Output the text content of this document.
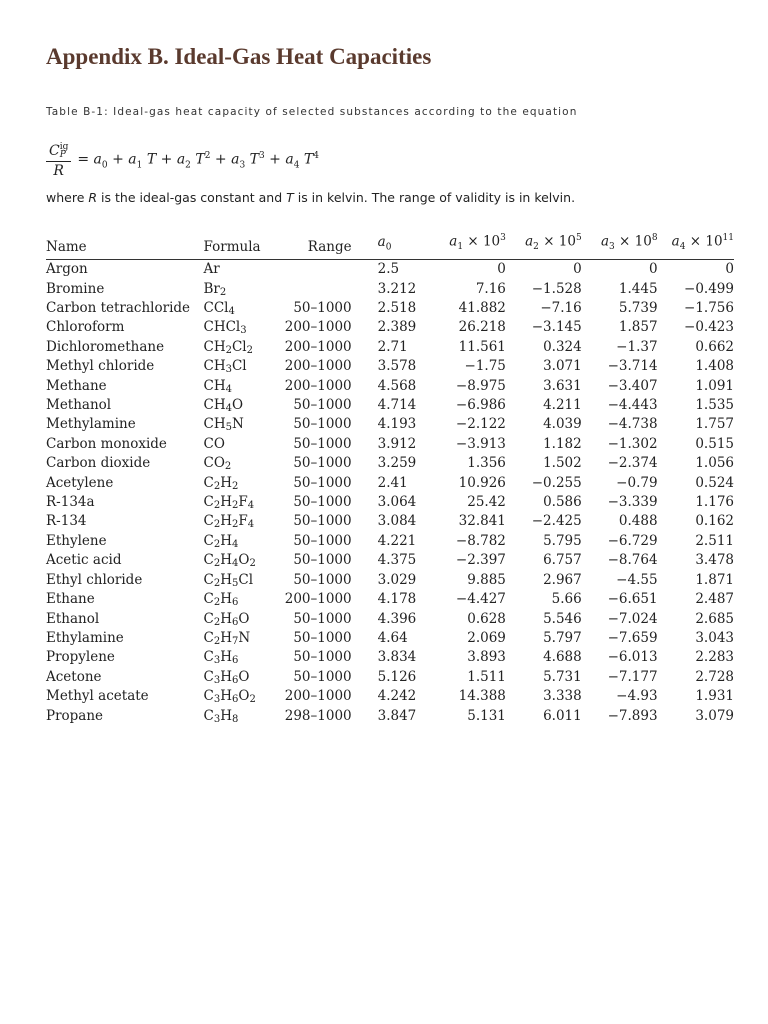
Appendix B. Ideal-Gas Heat Capacities
Table B-1: Ideal-gas heat capacity of selected substances according to the equation
C ig
P
$R = a_0 + a_1$ $T + a_2$ $T^2 + a_3$ $T^3 + a_4$ $T^4$
where R is the ideal-gas constant and T is in kelvin. The range of validity is in kelvin.
Name	Formula	Range	$a_0$	$a_1 \times 10^3$	$a_2 \times 10^5$	$a_3 \times 10^8$	$a_4 \times 10^{11}$
Argon	Ar		2.5	0	0	0	0
Bromine	$Br_2$		3.212	7.16	−1.528	1.445	−0.499
Carbon tetrachloride	CCl$_4$	50–1000	2.518	41.882	−7.16	5.739	−1.756
Chloroform	CHCl$_3$	200–1000	2.389	26.218	−3.145	1.857	−0.423
Dichloromethane	$CH_2Cl_2$	200–1000	2.71	11.561	0.324	−1.37	0.662
Methyl chloride	$CH_3Cl$	200–1000	3.578	−1.75	3.071	−3.714	1.408
Methane	$CH_4$	200–1000	4.568	−8.975	3.631	−3.407	1.091
Methanol	$CH_4O$	50–1000	4.714	−6.986	4.211	−4.443	1.535
Methylamine	$CH_5N$	50–1000	4.193	−2.122	4.039	−4.738	1.757
Carbon monoxide	CO	50–1000	3.912	−3.913	1.182	−1.302	0.515
Carbon dioxide	$CO_2$	50–1000	3.259	1.356	1.502	−2.374	1.056
Acetylene	$C_2H_2$	50–1000	2.41	10.926	−0.255	−0.79	0.524
R-134a	$C_2H_2F_4$	50–1000	3.064	25.42	0.586	−3.339	1.176
R-134	$C_2H_2F_4$	50–1000	3.084	32.841	−2.425	0.488	0.162
Ethylene	$C_2H_4$	50–1000	4.221	−8.782	5.795	−6.729	2.511
Acetic acid	$C_2H_4O_2$	50–1000	4.375	−2.397	6.757	−8.764	3.478
Ethyl chloride	$C_2H_5Cl$	50–1000	3.029	9.885	2.967	−4.55	1.871
Ethane	$C_2H_6$	200–1000	4.178	−4.427	5.66	−6.651	2.487
Ethanol	$C_2H_6O$	50–1000	4.396	0.628	5.546	−7.024	2.685
Ethylamine	$C_2H_7N$	50–1000	4.64	2.069	5.797	−7.659	3.043
Propylene	$C_3H_6$	50–1000	3.834	3.893	4.688	−6.013	2.283
Acetone	$C_3H_6O$	50–1000	5.126	1.511	5.731	−7.177	2.728
Methyl acetate	$C_3H_6O_2$	200–1000	4.242	14.388	3.338	−4.93	1.931
Propane	$C_3H_8$	298–1000	3.847	5.131	6.011	−7.893	3.079
